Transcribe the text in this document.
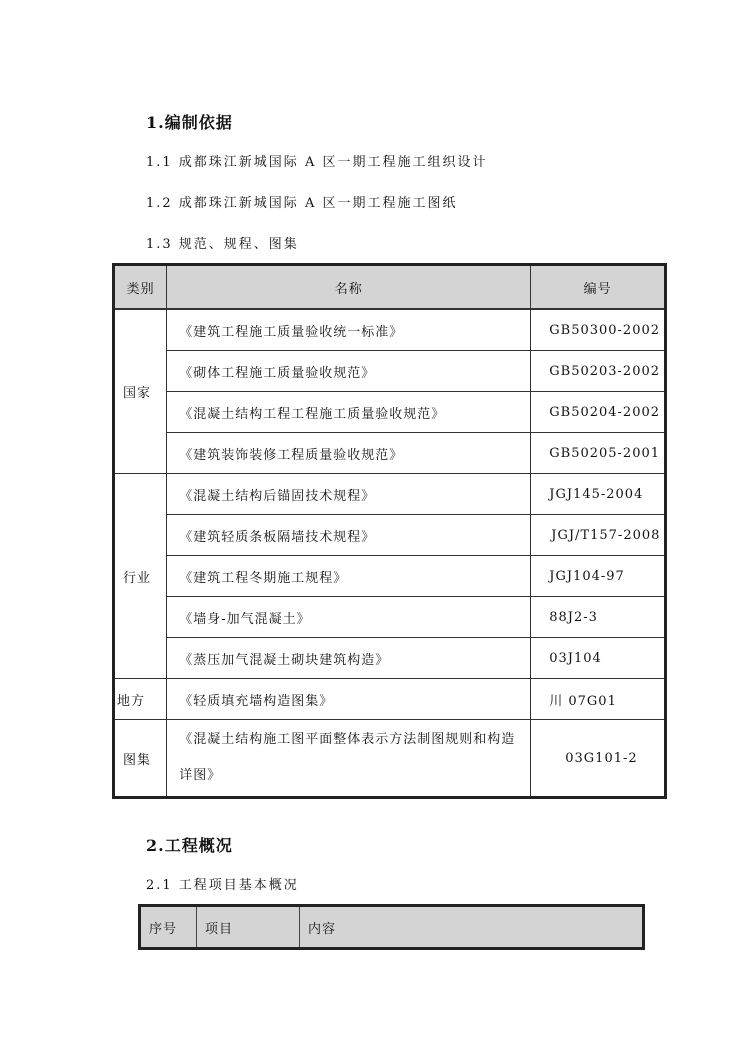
1.编制依据
1.1 成都珠江新城国际 A 区一期工程施工组织设计
1.2 成都珠江新城国际 A 区一期工程施工图纸
1.3 规范、规程、图集
类别	名称	编号
国家	《建筑工程施工质量验收统一标准》	GB50300-2002
	《砌体工程施工质量验收规范》	GB50203-2002
	《混凝土结构工程工程施工质量验收规范》	GB50204-2002
	《建筑装饰装修工程质量验收规范》	GB50205-2001
行业	《混凝土结构后锚固技术规程》	JGJ145-2004
	《建筑轻质条板隔墙技术规程》	JGJ/T157-2008
	《建筑工程冬期施工规程》	JGJ104-97
	《墙身-加气混凝土》	88J2-3
	《蒸压加气混凝土砌块建筑构造》	03J104
地方	《轻质填充墙构造图集》	川 07G01
图集	《混凝土结构施工图平面整体表示方法制图规则和构造详图》	03G101-2
2.工程概况
2.1 工程项目基本概况
序号	项目	内容
